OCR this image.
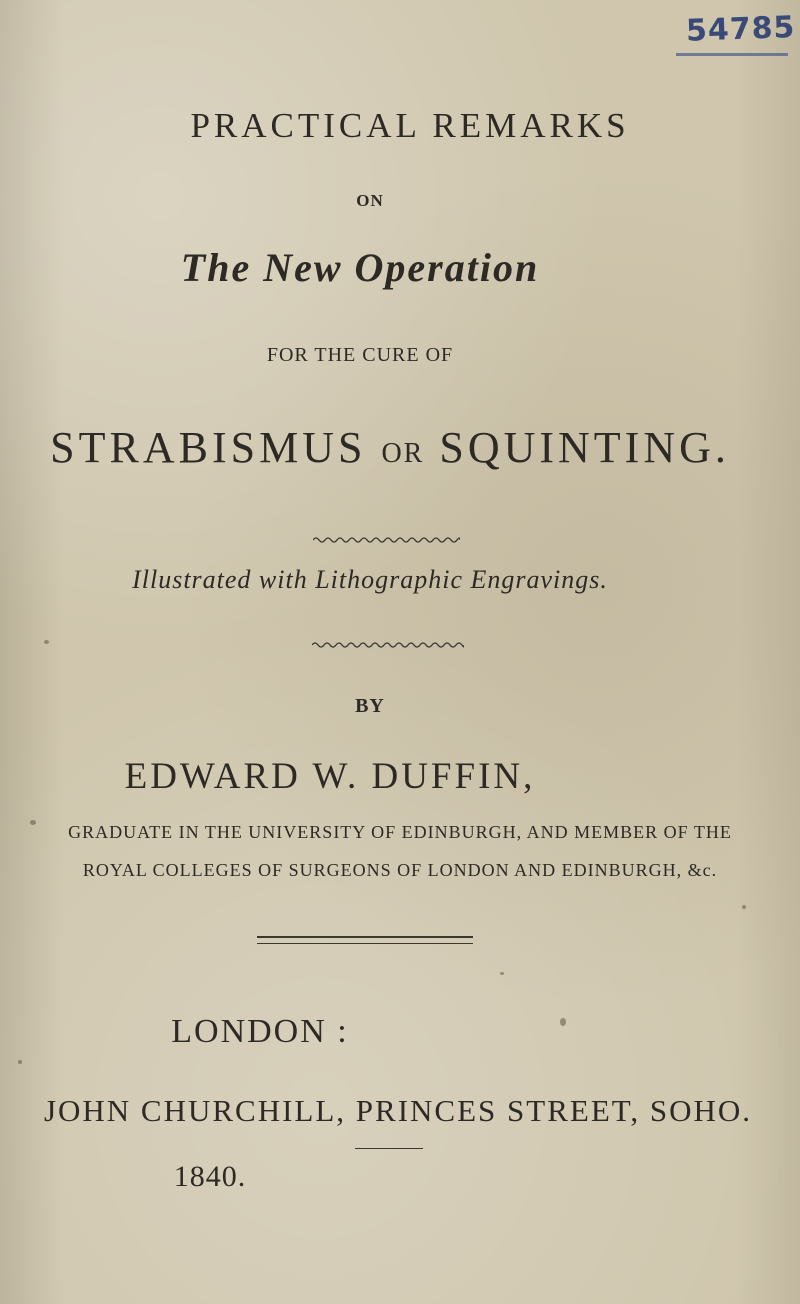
54785
PRACTICAL REMARKS
ON
The New Operation
FOR THE CURE OF
STRABISMUS OR SQUINTING.
Illustrated with Lithographic Engravings.
BY
EDWARD W. DUFFIN,
GRADUATE IN THE UNIVERSITY OF EDINBURGH, AND MEMBER OF THE
ROYAL COLLEGES OF SURGEONS OF LONDON AND EDINBURGH, &c.
LONDON :
JOHN CHURCHILL, PRINCES STREET, SOHO.
1840.
